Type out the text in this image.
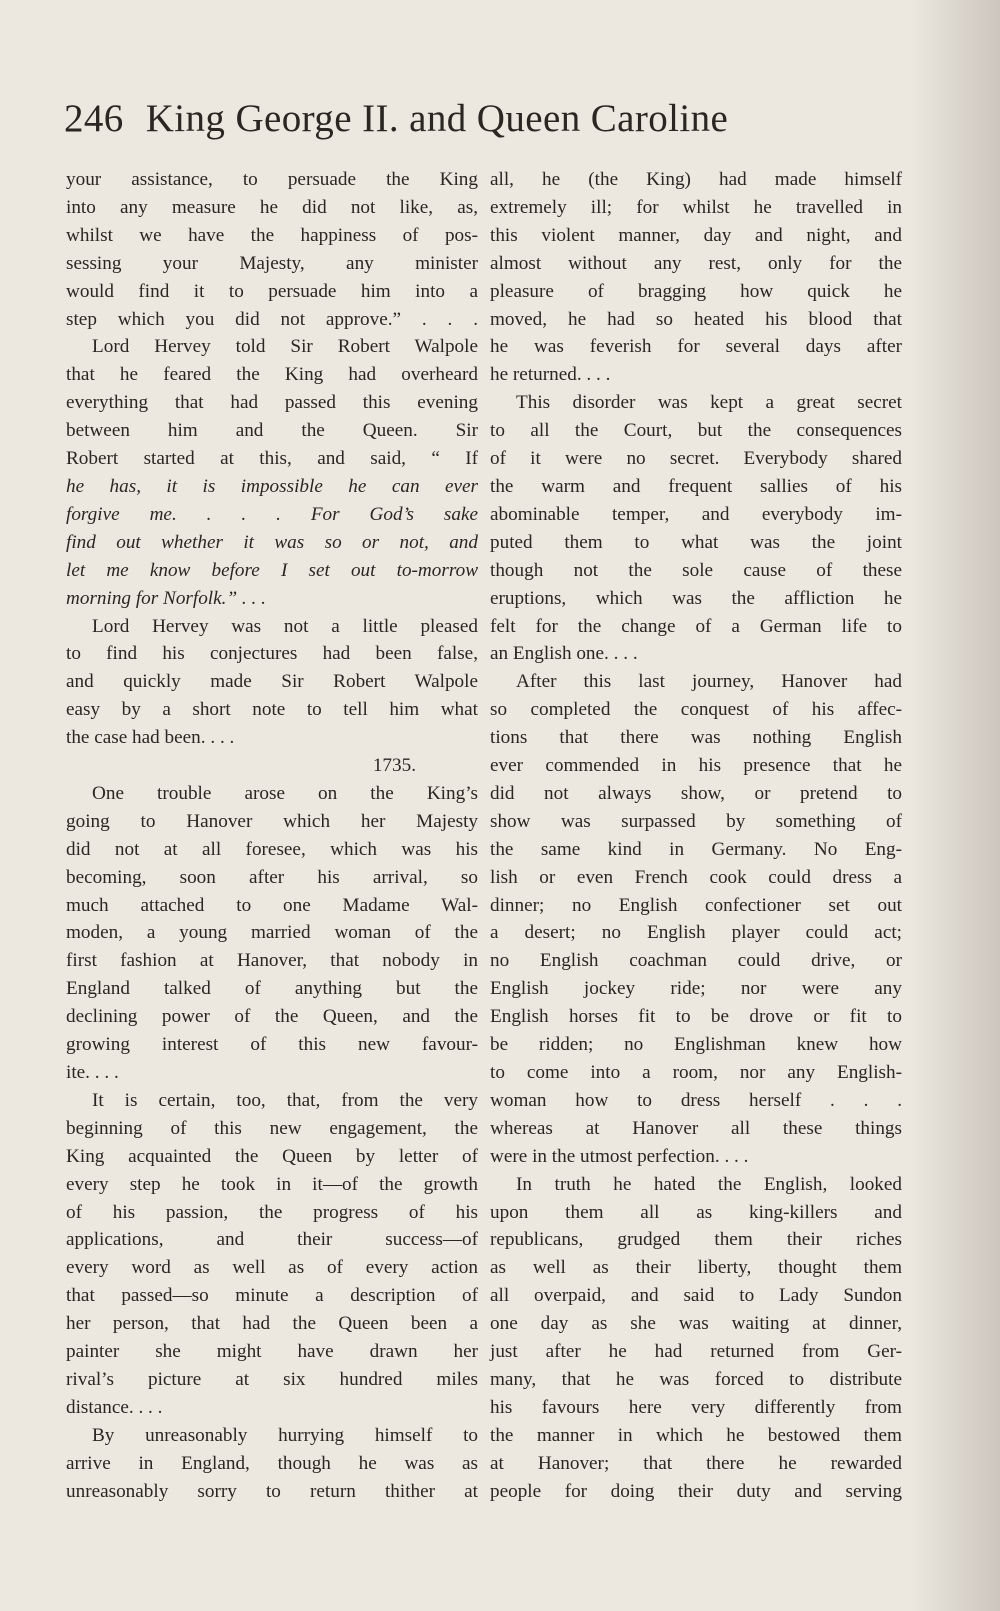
246 King George II. and Queen Caroline
your assistance, to persuade the King
into any measure he did not like, as,
whilst we have the happiness of pos-
sessing your Majesty, any minister
would find it to persuade him into a
step which you did not approve.” . . .
Lord Hervey told Sir Robert Walpole
that he feared the King had overheard
everything that had passed this evening
between him and the Queen. Sir
Robert started at this, and said, “ If
he has, it is impossible he can ever
forgive me. . . . For God’s sake
find out whether it was so or not, and
let me know before I set out to-morrow
morning for Norfolk.” . . .
Lord Hervey was not a little pleased
to find his conjectures had been false,
and quickly made Sir Robert Walpole
easy by a short note to tell him what
the case had been. . . .
1735.
One trouble arose on the King’s
going to Hanover which her Majesty
did not at all foresee, which was his
becoming, soon after his arrival, so
much attached to one Madame Wal-
moden, a young married woman of the
first fashion at Hanover, that nobody in
England talked of anything but the
declining power of the Queen, and the
growing interest of this new favour-
ite. . . .
It is certain, too, that, from the very
beginning of this new engagement, the
King acquainted the Queen by letter of
every step he took in it—of the growth
of his passion, the progress of his
applications, and their success—of
every word as well as of every action
that passed—so minute a description of
her person, that had the Queen been a
painter she might have drawn her
rival’s picture at six hundred miles
distance. . . .
By unreasonably hurrying himself to
arrive in England, though he was as
unreasonably sorry to return thither at
all, he (the King) had made himself
extremely ill; for whilst he travelled in
this violent manner, day and night, and
almost without any rest, only for the
pleasure of bragging how quick he
moved, he had so heated his blood that
he was feverish for several days after
he returned. . . .
This disorder was kept a great secret
to all the Court, but the consequences
of it were no secret. Everybody shared
the warm and frequent sallies of his
abominable temper, and everybody im-
puted them to what was the joint
though not the sole cause of these
eruptions, which was the affliction he
felt for the change of a German life to
an English one. . . .
After this last journey, Hanover had
so completed the conquest of his affec-
tions that there was nothing English
ever commended in his presence that he
did not always show, or pretend to
show was surpassed by something of
the same kind in Germany. No Eng-
lish or even French cook could dress a
dinner; no English confectioner set out
a desert; no English player could act;
no English coachman could drive, or
English jockey ride; nor were any
English horses fit to be drove or fit to
be ridden; no Englishman knew how
to come into a room, nor any English-
woman how to dress herself . . .
whereas at Hanover all these things
were in the utmost perfection. . . .
In truth he hated the English, looked
upon them all as king-killers and
republicans, grudged them their riches
as well as their liberty, thought them
all overpaid, and said to Lady Sundon
one day as she was waiting at dinner,
just after he had returned from Ger-
many, that he was forced to distribute
his favours here very differently from
the manner in which he bestowed them
at Hanover; that there he rewarded
people for doing their duty and serving
